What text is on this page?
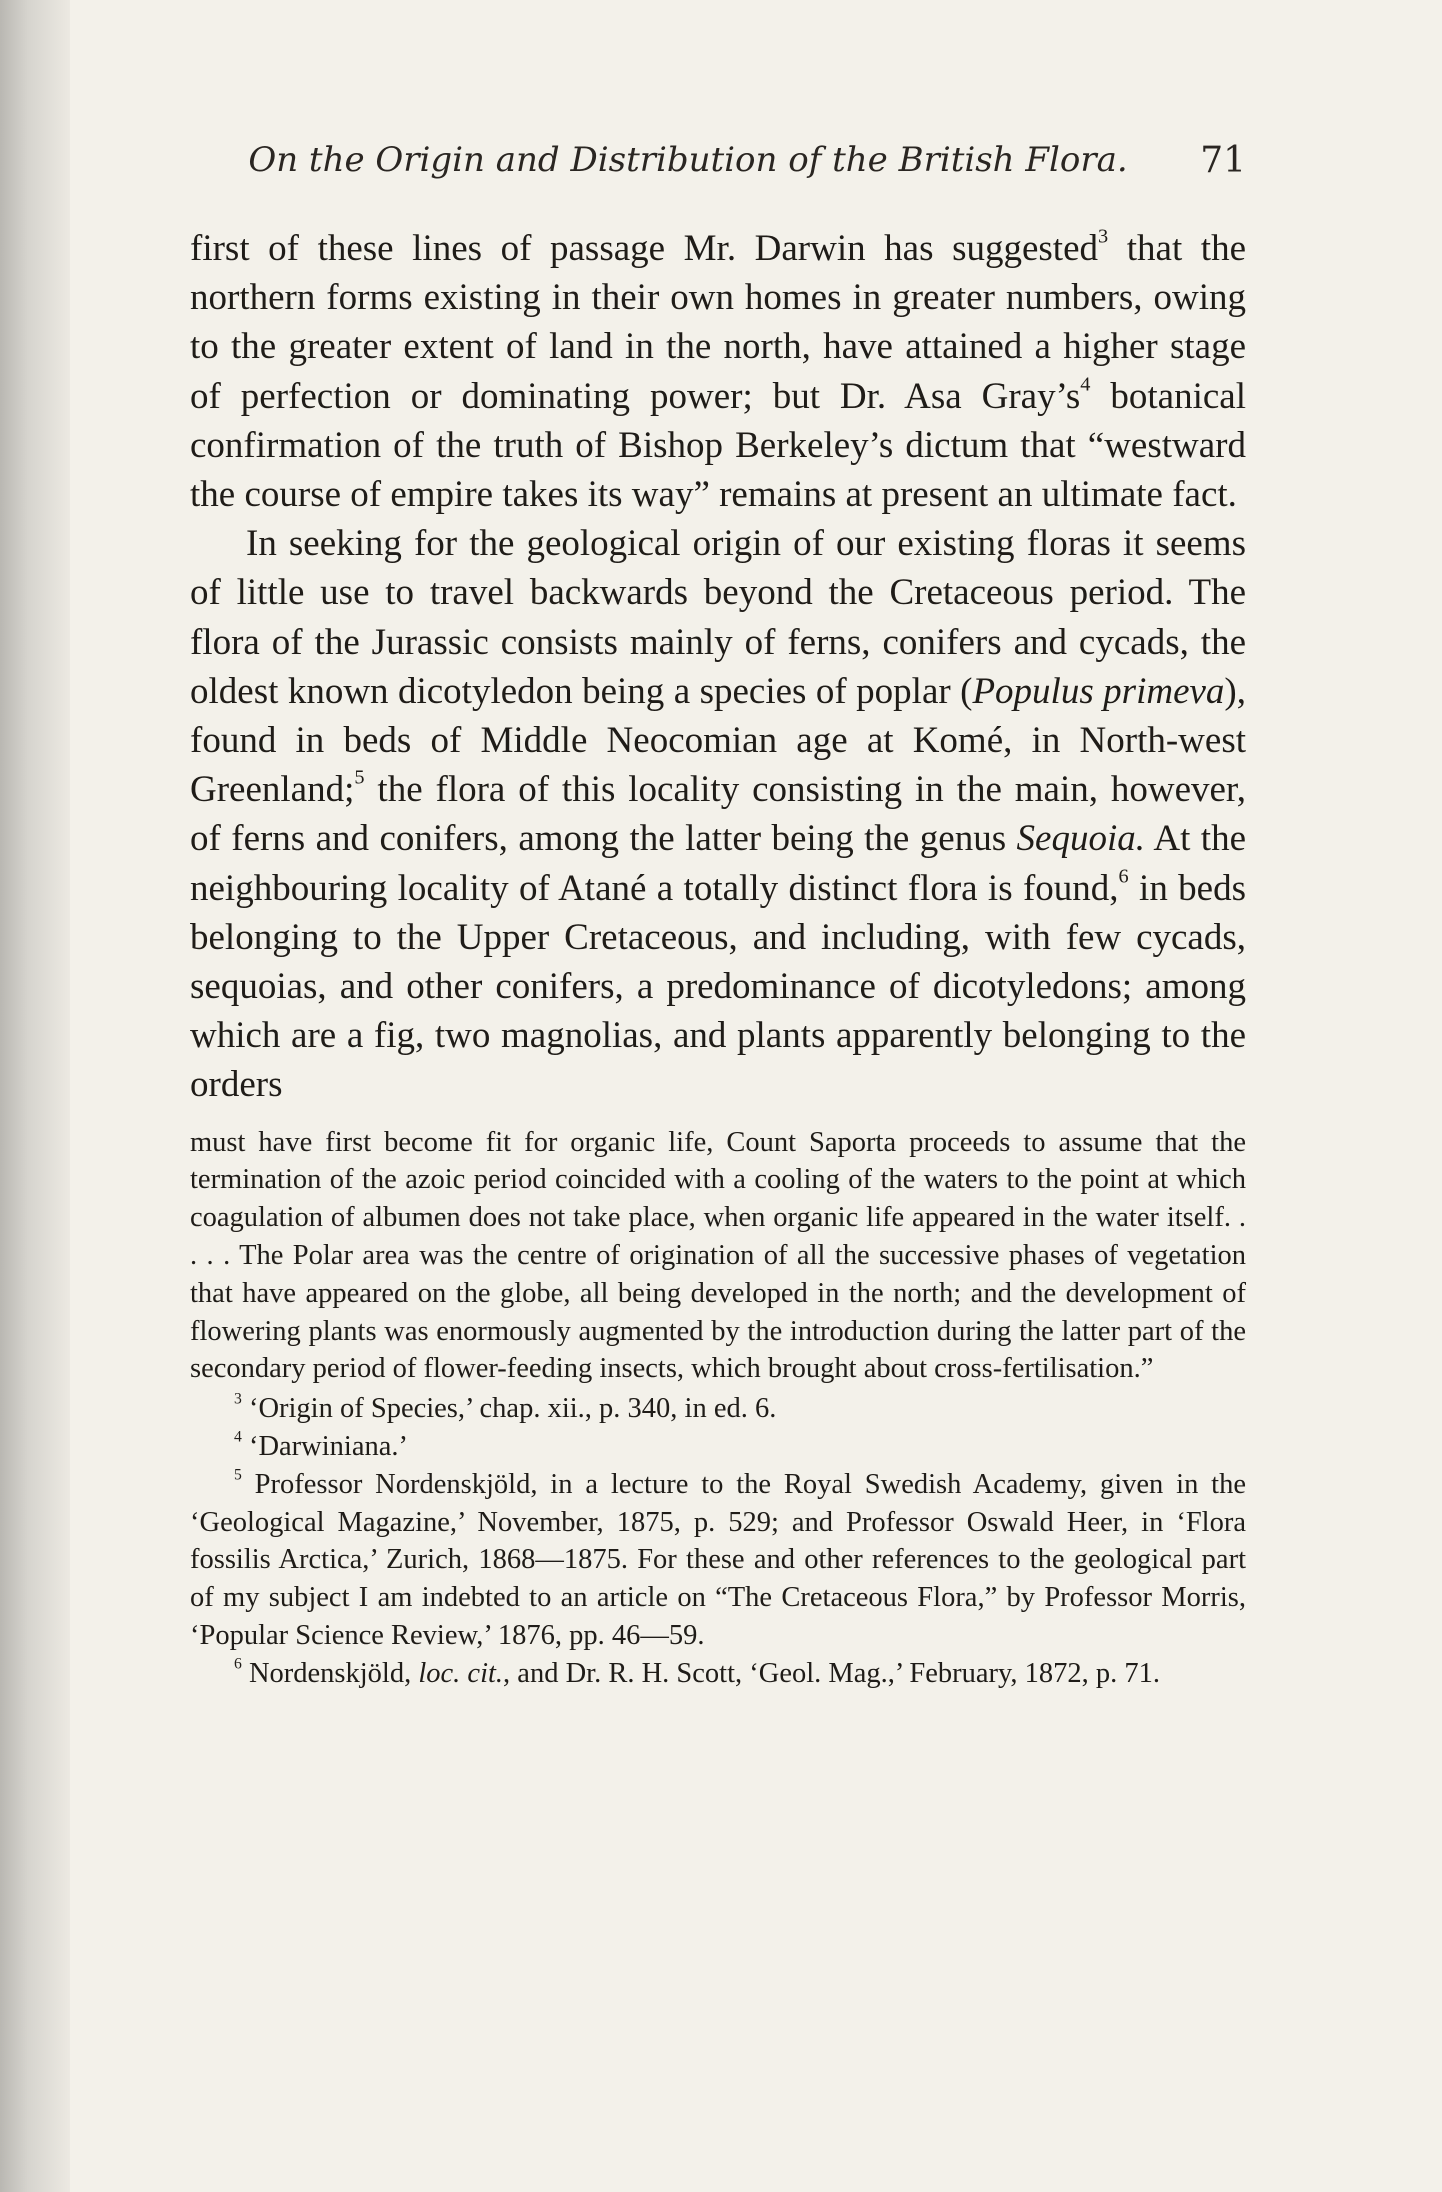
On the Origin and Distribution of the British Flora. 71

first of these lines of passage Mr. Darwin has suggested$^3$ that the northern forms existing in their own homes in greater numbers, owing to the greater extent of land in the north, have attained a higher stage of perfection or dominating power; but Dr. Asa $Gray’s^4$ botanical confirmation of the truth of Bishop Berkeley’s dictum that “westward the course of empire takes its way” remains at present an ultimate fact.

In seeking for the geological origin of our existing floras it seems of little use to travel backwards beyond the Cretaceous period. The flora of the Jurassic consists mainly of ferns, conifers and cycads, the oldest known dicotyledon being a species of poplar (Populus primeva), found in beds of Middle Neocomian age at Komé, in North-west Greenland;$^5$ the flora of this locality consisting in the main, however, of ferns and conifers, among the latter being the genus Sequoia. At the neighbouring locality of Atané a totally distinct flora is found,$^6$ in beds belonging to the Upper Cretaceous, and including, with few cycads, sequoias, and other conifers, a predominance of dicotyledons; among which are a fig, two magnolias, and plants apparently belonging to the orders

must have first become fit for organic life, Count Saporta proceeds to assume that the termination of the azoic period coincided with a cooling of the waters to the point at which coagulation of albumen does not take place, when organic life appeared in the water itself. . . . . The Polar area was the centre of origination of all the successive phases of vegetation that have appeared on the globe, all being developed in the north; and the development of flowering plants was enormously augmented by the introduction during the latter part of the secondary period of flower-feeding insects, which brought about cross-fertilisation.”

$^3$ ‘Origin of Species,’ chap. xii., p. 340, in ed. 6.

$^4$ ‘Darwiniana.’

$^5$ Professor Nordenskjöld, in a lecture to the Royal Swedish Academy, given in the ‘Geological Magazine,’ November, 1875, p. 529; and Professor Oswald Heer, in ‘Flora fossilis Arctica,’ Zurich, 1868—1875. For these and other references to the geological part of my subject I am indebted to an article on “The Cretaceous Flora,” by Professor Morris, ‘Popular Science Review,’ 1876, pp. 46—59.

$^6$ Nordenskjöld, loc. cit., and Dr. R. H. Scott, ‘Geol. Mag.,’ February, 1872, p. 71.
